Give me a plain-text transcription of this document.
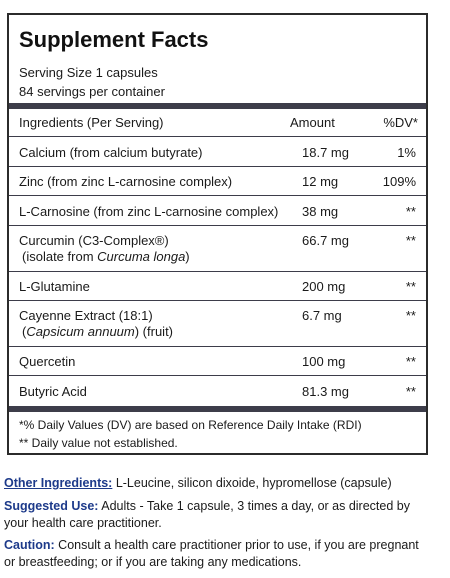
Supplement Facts
Serving Size 1 capsules
84 servings per container
Ingredients (Per Serving)	Amount	%DV*
Calcium (from calcium butyrate)	18.7 mg	1%
Zinc (from zinc L-carnosine complex)	12 mg	109%
L-Carnosine (from zinc L-carnosine complex) 38 mg	**
Curcumin (C3-Complex®)
(isolate from Curcuma longa)
66.7 mg	**
L-Glutamine	200 mg	**
Cayenne Extract (18:1)
(Capsicum annuum) (fruit)
6.7 mg	**
Quercetin	100 mg	**
Butyric Acid	81.3 mg	**
*% Daily Values (DV) are based on Reference Daily Intake (RDI)
** Daily value not established.
Other Ingredients: L-Leucine, silicon dixoide, hypromellose (capsule)
Suggested Use: Adults - Take 1 capsule, 3 times a day, or as directed by your health care practitioner.
Caution: Consult a health care practitioner prior to use, if you are pregnant or breastfeeding; or if you are taking any medications.
